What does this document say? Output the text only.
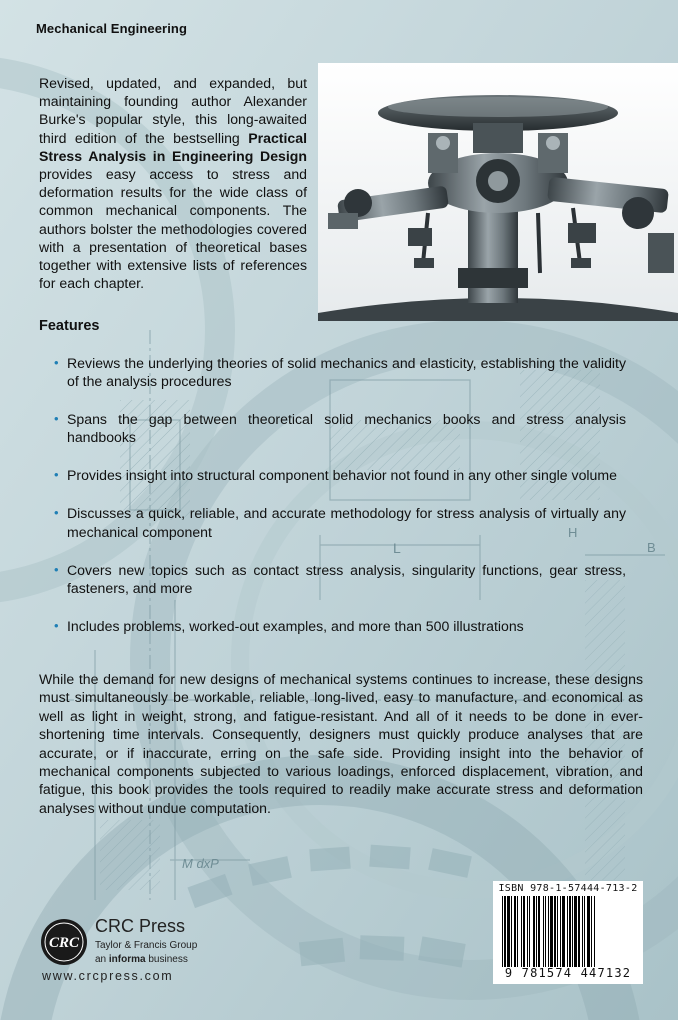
L	B
H
M dxP
Mechanical Engineering
Revised, updated, and expanded, but maintaining founding author Alexander Burke's popular style, this long-awaited third edition of the bestselling Practical Stress Analysis in Engineering Design provides easy access to stress and deformation results for the wide class of common mechanical components. The authors bolster the methodologies covered with a presentation of theoretical bases together with extensive lists of references for each chapter.
Features
• Reviews the underlying theories of solid mechanics and elasticity, establishing the validity of the analysis procedures
• Spans the gap between theoretical solid mechanics books and stress analysis handbooks
• Provides insight into structural component behavior not found in any other single volume
• Discusses a quick, reliable, and accurate methodology for stress analysis of virtually any mechanical component
• Covers new topics such as contact stress analysis, singularity functions, gear stress, fasteners, and more
• Includes problems, worked-out examples, and more than 500 illustrations
While the demand for new designs of mechanical systems continues to increase, these designs must simultaneously be workable, reliable, long-lived, easy to manufacture, and economical as well as light in weight, strong, and fatigue-resistant. And all of it needs to be done in ever-shortening time intervals. Consequently, designers must quickly produce analyses that are accurate, or if inaccurate, erring on the safe side. Providing insight into the behavior of mechanical components subjected to various loadings, enforced displacement, vibration, and fatigue, this book provides the tools required to readily make accurate stress and deformation analyses without undue computation.
CRC
CRC Press
Taylor & Francis Group
an informa business
www.crcpress.com
ISBN 978-1-57444-713-2
9 781574 447132
